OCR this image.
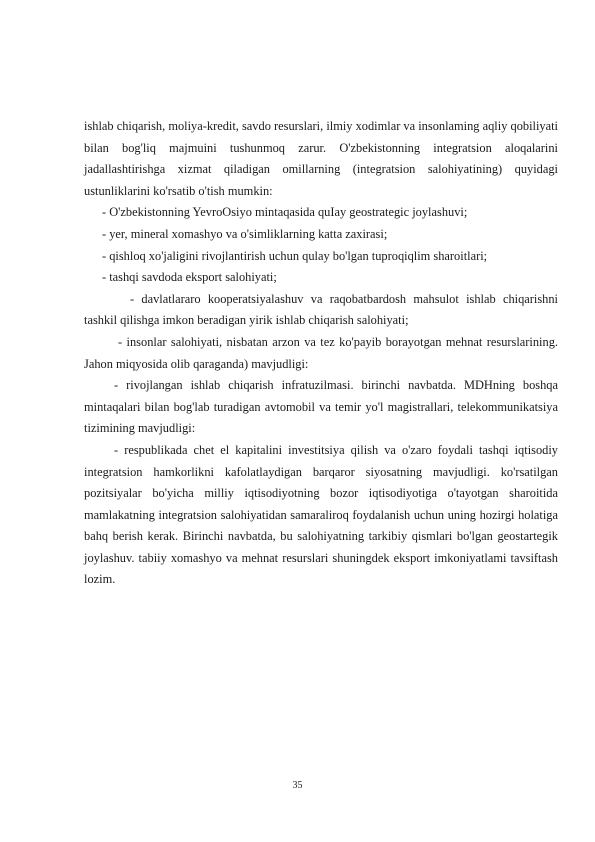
ishlab chiqarish, moliya-kredit, savdo resurslari, ilmiy xodimlar va insonlaming aqliy qobiliyati bilan bog'liq majmuini tushunmoq zarur. O'zbekistonning integratsion aloqalarini jadallashtirishga xizmat qiladigan omillarning (integratsion salohiyatining) quyidagi ustunliklarini ko'rsatib o'tish mumkin:

- O'zbekistonning YevroOsiyo mintaqasida quIay geostrategic joylashuvi;

- yer, mineral xomashyo va o'simliklarning katta zaxirasi;

- qishloq xo'jaligini rivojlantirish uchun qulay bo'lgan tuproqiqlim sharoitlari;

- tashqi savdoda eksport salohiyati;

- davlatlararo kooperatsiyalashuv va raqobatbardosh mahsulot ishlab chiqarishni tashkil qilishga imkon beradigan yirik ishlab chiqarish salohiyati;

- insonlar salohiyati, nisbatan arzon va tez ko'payib borayotgan mehnat resurslarining. Jahon miqyosida olib qaraganda) mavjudligi:

- rivojlangan ishlab chiqarish infratuzilmasi. birinchi navbatda. MDHning boshqa mintaqalari bilan bog'lab turadigan avtomobil va temir yo'l magistrallari, telekommunikatsiya tizimining mavjudligi:

- respublikada chet el kapitalini investitsiya qilish va o'zaro foydali tashqi iqtisodiy integratsion hamkorlikni kafolatlaydigan barqaror siyosatning mavjudligi. ko'rsatilgan pozitsiyalar bo'yicha milliy iqtisodiyotning bozor iqtisodiyotiga o'tayotgan sharoitida mamlakatning integratsion salohiyatidan samaraliroq foydalanish uchun uning hozirgi holatiga bahq berish kerak. Birinchi navbatda, bu salohiyatning tarkibiy qismlari bo'lgan geostartegik joylashuv. tabiiy xomashyo va mehnat resurslari shuningdek eksport imkoniyatlami tavsiftash lozim.

35
